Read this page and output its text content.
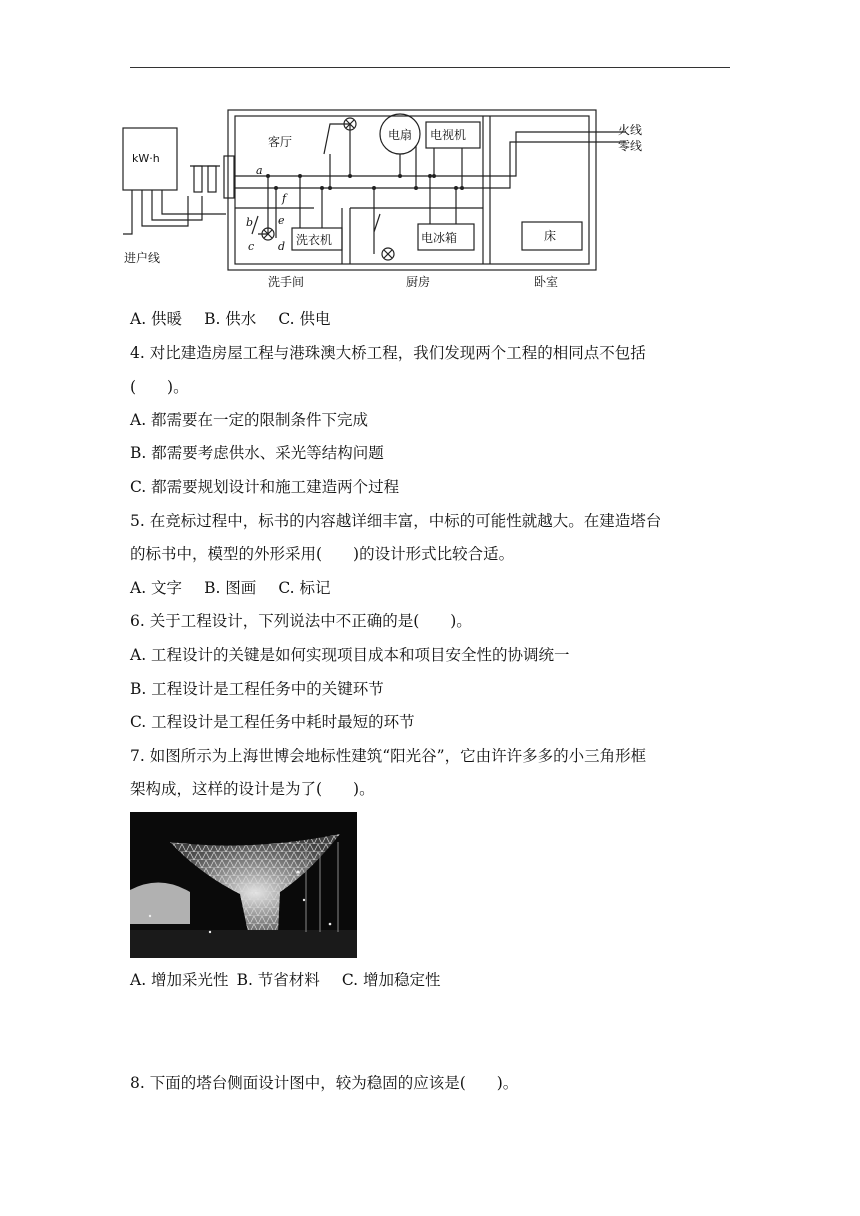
kW·h
进户线
火线
零线
客厅	电扇 电视机
洗衣机	电冰箱	床
洗手间	厨房	卧室
a
b
c d
e
f
A. 供暖 B. 供水 C. 供电
4. 对比建造房屋工程与港珠澳大桥工程，我们发现两个工程的相同点不包括
(　　)。
A. 都需要在一定的限制条件下完成
B. 都需要考虑供水、采光等结构问题
C. 都需要规划设计和施工建造两个过程
5. 在竞标过程中，标书的内容越详细丰富，中标的可能性就越大。在建造塔台
的标书中，模型的外形采用(　　)的设计形式比较合适。
A. 文字 B. 图画 C. 标记
6. 关于工程设计，下列说法中不正确的是(　　)。
A. 工程设计的关键是如何实现项目成本和项目安全性的协调统一
B. 工程设计是工程任务中的关键环节
C. 工程设计是工程任务中耗时最短的环节
7. 如图所示为上海世博会地标性建筑“阳光谷”，它由许许多多的小三角形框
架构成，这样的设计是为了(　　)。
A. 增加采光性 B. 节省材料 C. 增加稳定性
8. 下面的塔台侧面设计图中，较为稳固的应该是(　　)。
